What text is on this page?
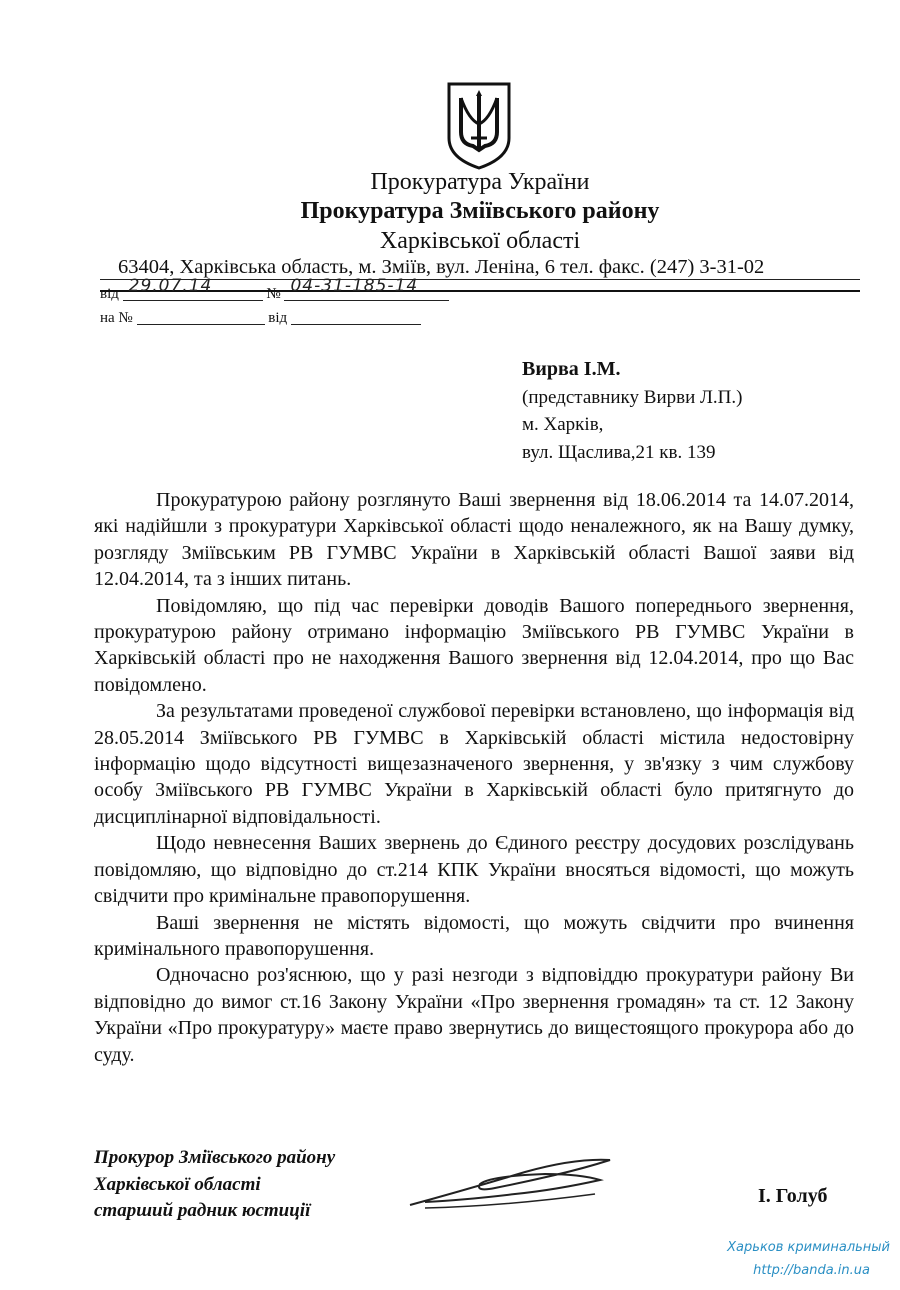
Прокуратура України
Прокуратура Зміївського району
Харківської області
63404, Харківська область, м. Зміїв, вул. Леніна, 6 тел. факс. (247) 3-31-02
від 29.07.14	№ 04-31-185-14
на №	від
Вирва І.М.
(представнику Вирви Л.П.)
м. Харків,
вул. Щаслива,21 кв. 139

Прокуратурою району розглянуто Ваші звернення від 18.06.2014 та 14.07.2014, які надійшли з прокуратури Харківської області щодо неналежного, як на Вашу думку, розгляду Зміївським РВ ГУМВС України в Харківській області Вашої заяви від 12.04.2014, та з інших питань.

Повідомляю, що під час перевірки доводів Вашого попереднього звернення, прокуратурою району отримано інформацію Зміївського РВ ГУМВС України в Харківській області про не находження Вашого звернення від 12.04.2014, про що Вас повідомлено.

За результатами проведеної службової перевірки встановлено, що інформація від 28.05.2014 Зміївського РВ ГУМВС в Харківській області містила недостовірну інформацію щодо відсутності вищезазначеного звернення, у зв'язку з чим службову особу Зміївського РВ ГУМВС України в Харківській області було притягнуто до дисциплінарної відповідальності.

Щодо невнесення Ваших звернень до Єдиного реєстру досудових розслідувань повідомляю, що відповідно до ст.214 КПК України вносяться відомості, що можуть свідчити про кримінальне правопорушення.

Ваші звернення не містять відомості, що можуть свідчити про вчинення кримінального правопорушення.

Одночасно роз'яснюю, що у разі незгоди з відповіддю прокуратури району Ви відповідно до вимог ст.16 Закону України «Про звернення громадян» та ст. 12 Закону України «Про прокуратуру» маєте право звернутись до вищестоящого прокурора або до суду.

Прокурор Зміївського району
Харківської області
старший радник юстиції
І. Голуб
Харьков криминальный
http://banda.in.ua
